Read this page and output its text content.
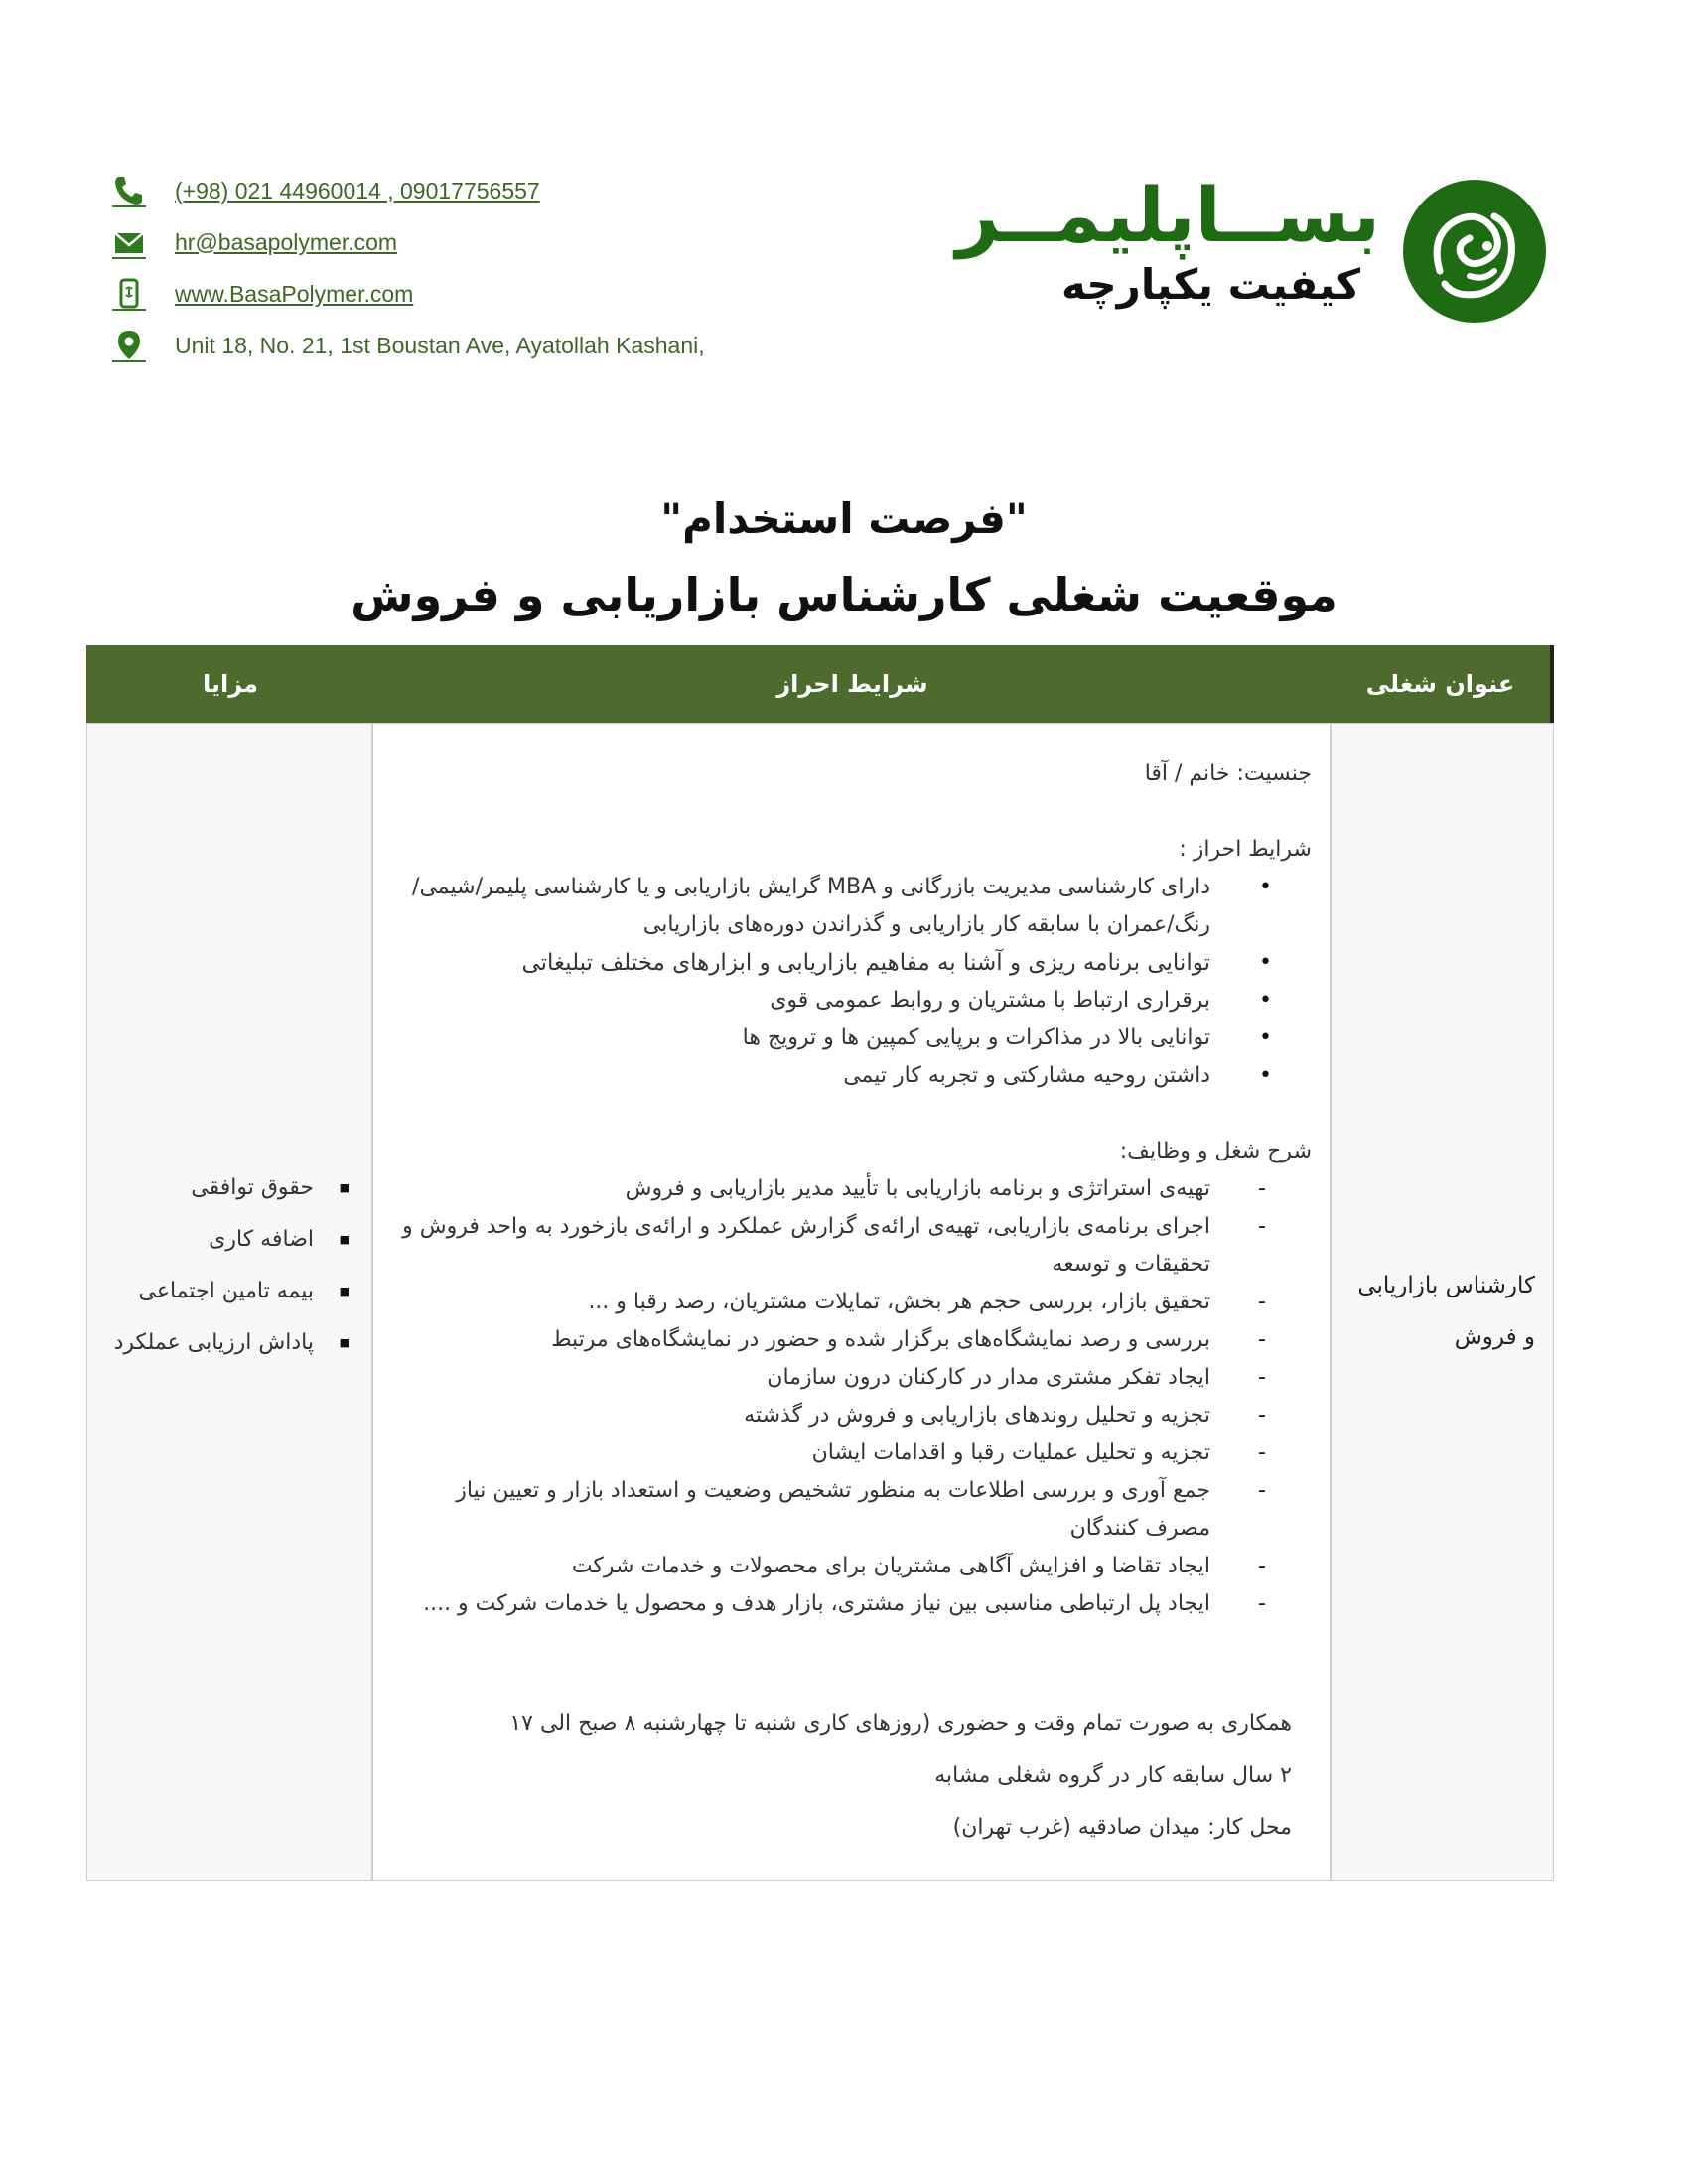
(+98) 021 44960014 , 09017756557
hr@basapolymer.com
www.BasaPolymer.com
Unit 18, No. 21, 1st Boustan Ave, Ayatollah Kashani,
بســاپلیمــر
کیفیت یکپارچه
"فرصت استخدام"
موقعیت شغلی کارشناس بازاریابی و فروش
عنوان شغلی
شرایط احراز
مزایا
کارشناس بازاریابی و فروش

جنسیت: خانم / آقا

شرایط احراز :

• دارای کارشناسی مدیریت بازرگانی و MBA گرایش بازاریابی و یا کارشناسی پلیمر/شیمی/رنگ/عمران با سابقه کار بازاریابی و گذراندن دوره‌های بازاریابی
• توانایی برنامه ریزی و آشنا به مفاهیم بازاریابی و ابزارهای مختلف تبلیغاتی
• برقراری ارتباط با مشتریان و روابط عمومی قوی
• توانایی بالا در مذاکرات و برپایی کمپین ها و ترویج ها
• داشتن روحیه مشارکتی و تجربه کار تیمی

شرح شغل و وظایف:

- تهیه‌ی استراتژی و برنامه بازاریابی با تأیید مدیر بازاریابی و فروش
- اجرای برنامه‌ی بازاریابی، تهیه‌ی ارائه‌ی گزارش عملکرد و ارائه‌ی بازخورد به واحد فروش و تحقیقات و توسعه
- تحقیق بازار، بررسی حجم هر بخش، تمایلات مشتریان، رصد رقبا و ...
- بررسی و رصد نمایشگاه‌های برگزار شده و حضور در نمایشگاه‌های مرتبط
- ایجاد تفکر مشتری مدار در کارکنان درون سازمان
- تجزیه و تحلیل روندهای بازاریابی و فروش در گذشته
- تجزیه و تحلیل عملیات رقبا و اقدامات ایشان
- جمع آوری و بررسی اطلاعات به منظور تشخیص وضعیت و استعداد بازار و تعیین نیاز مصرف کنندگان
- ایجاد تقاضا و افزایش آگاهی مشتریان برای محصولات و خدمات شرکت
- ایجاد پل ارتباطی مناسبی بین نیاز مشتری، بازار هدف و محصول یا خدمات شرکت و ....

همکاری به صورت تمام وقت و حضوری (روزهای کاری شنبه تا چهارشنبه ۸ صبح الی ۱۷

۲ سال سابقه کار در گروه شغلی مشابه

محل کار: میدان صادقیه (غرب تهران)

■ حقوق توافقی
■ اضافه کاری
■ بیمه تامین اجتماعی
■ پاداش ارزیابی عملکرد
